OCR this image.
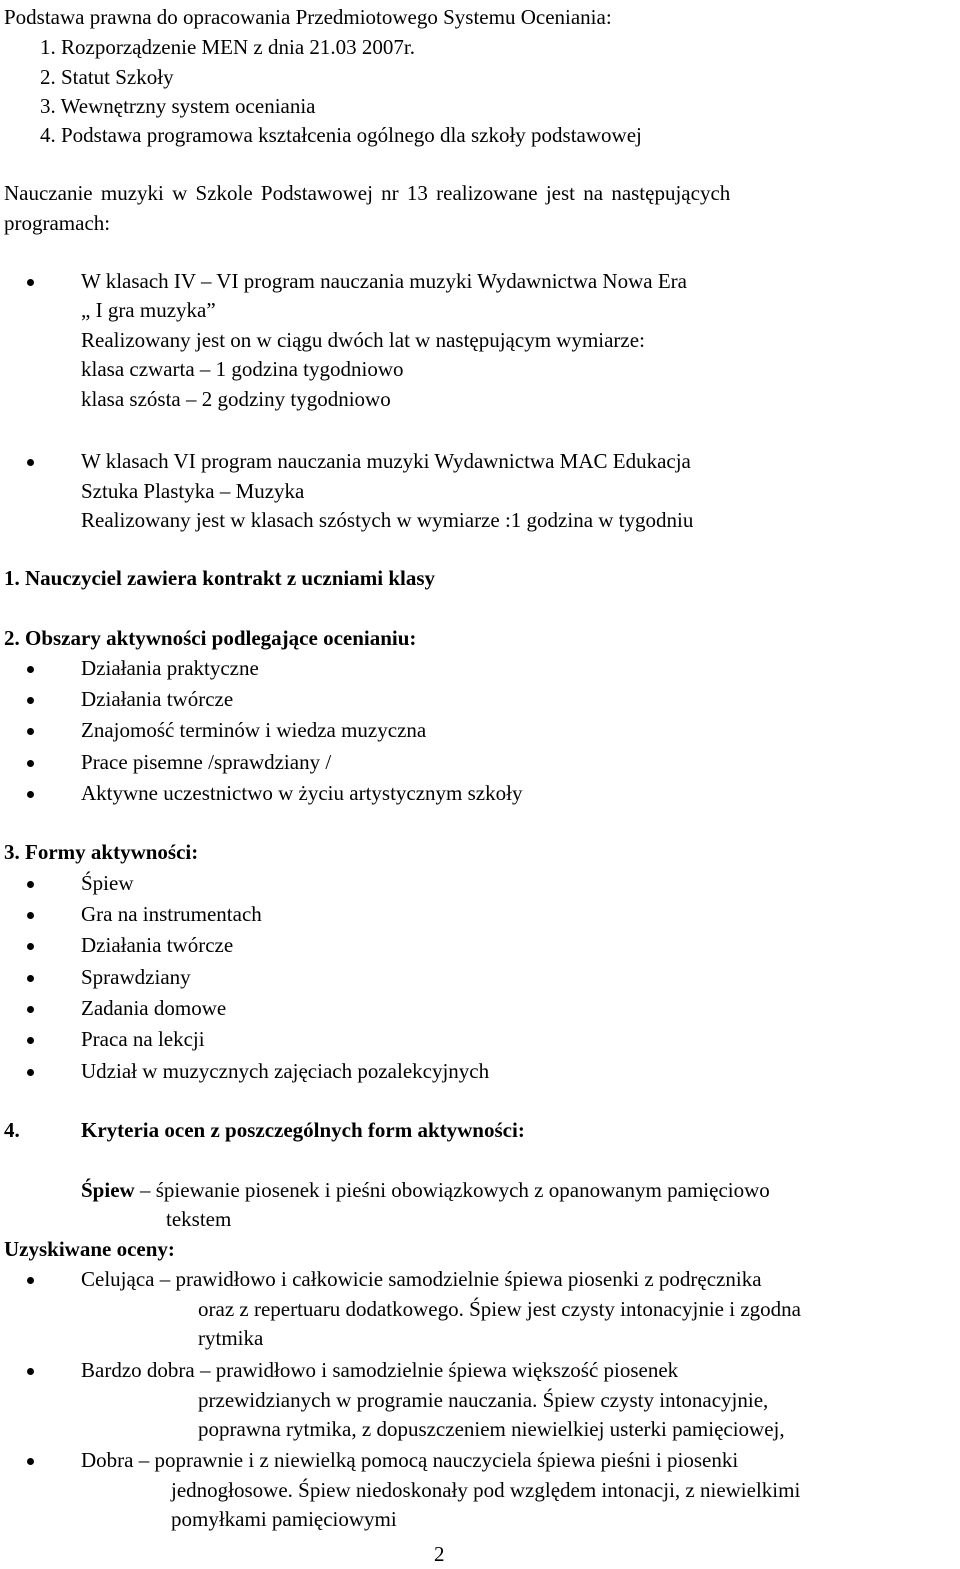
Podstawa prawna do opracowania Przedmiotowego Systemu Oceniania:
1. Rozporządzenie MEN z dnia 21.03 2007r.
2. Statut Szkoły
3. Wewnętrzny system oceniania
4. Podstawa programowa kształcenia ogólnego dla szkoły podstawowej
Nauczanie muzyki w Szkole Podstawowej nr 13 realizowane jest na następujących
programach:
W klasach IV – VI program nauczania muzyki Wydawnictwa Nowa Era
„ I gra muzyka”
Realizowany jest on w ciągu dwóch lat w następującym wymiarze:
klasa czwarta – 1 godzina tygodniowo
klasa szósta – 2 godziny tygodniowo
W klasach VI program nauczania muzyki Wydawnictwa MAC Edukacja
Sztuka Plastyka – Muzyka
Realizowany jest w klasach szóstych w wymiarze :1 godzina w tygodniu
1. Nauczyciel zawiera kontrakt z uczniami klasy
2. Obszary aktywności podlegające ocenianiu:
Działania praktyczne
Działania twórcze
Znajomość terminów i wiedza muzyczna
Prace pisemne /sprawdziany /
Aktywne uczestnictwo w życiu artystycznym szkoły
3. Formy aktywności:
Śpiew
Gra na instrumentach
Działania twórcze
Sprawdziany
Zadania domowe
Praca na lekcji
Udział w muzycznych zajęciach pozalekcyjnych
4.	Kryteria ocen z poszczególnych form aktywności:
Śpiew – śpiewanie piosenek i pieśni obowiązkowych z opanowanym pamięciowo
tekstem
Uzyskiwane oceny:
Celująca – prawidłowo i całkowicie samodzielnie śpiewa piosenki z podręcznika
oraz z repertuaru dodatkowego. Śpiew jest czysty intonacyjnie i zgodna
rytmika
Bardzo dobra – prawidłowo i samodzielnie śpiewa większość piosenek
przewidzianych w programie nauczania. Śpiew czysty intonacyjnie,
poprawna rytmika, z dopuszczeniem niewielkiej usterki pamięciowej,
Dobra – poprawnie i z niewielką pomocą nauczyciela śpiewa pieśni i piosenki
jednogłosowe. Śpiew niedoskonały pod względem intonacji, z niewielkimi
pomyłkami pamięciowymi
2
